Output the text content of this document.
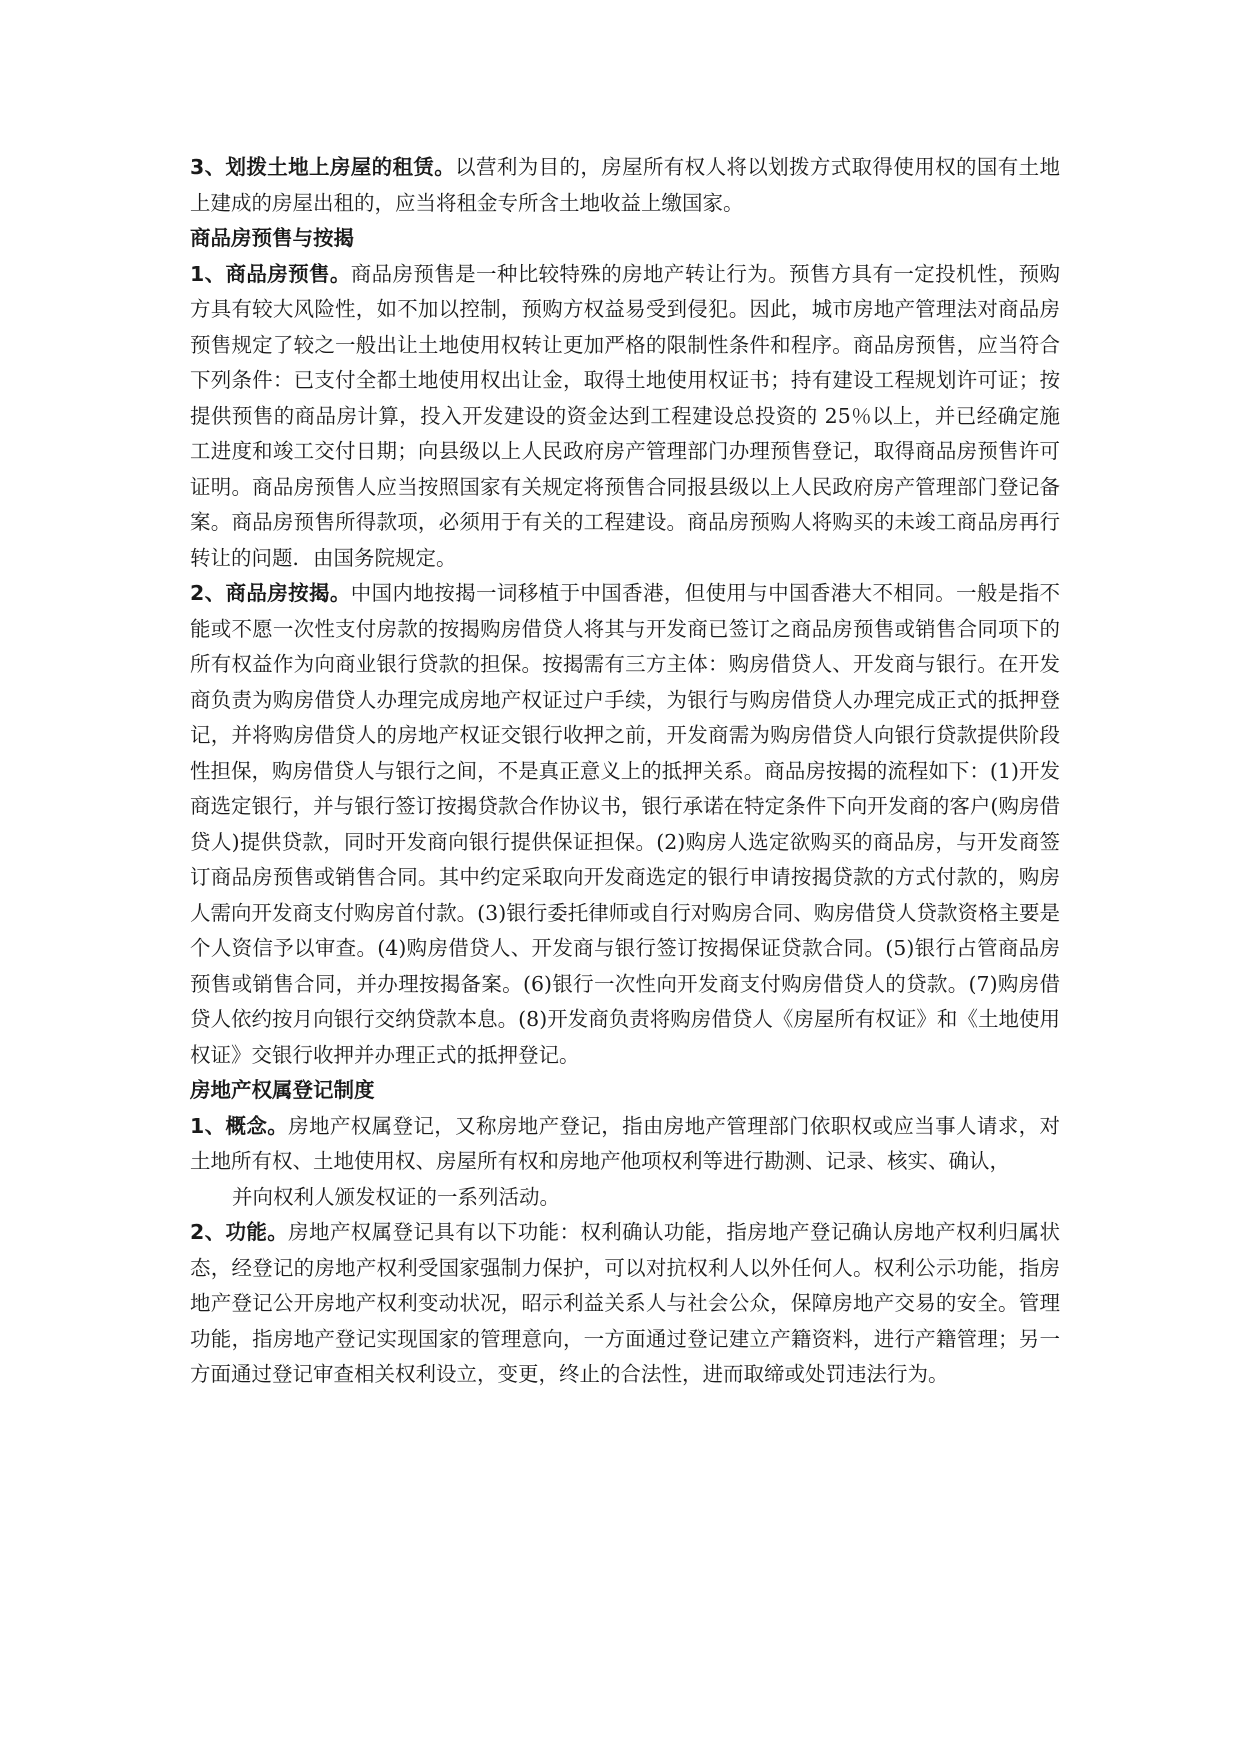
3、划拨土地上房屋的租赁。以营利为目的，房屋所有权人将以划拨方式取得使用权的国有土地上建成的房屋出租的，应当将租金专所含土地收益上缴国家。

商品房预售与按揭

1、商品房预售。商品房预售是一种比较特殊的房地产转让行为。预售方具有一定投机性，预购方具有较大风险性，如不加以控制，预购方权益易受到侵犯。因此，城市房地产管理法对商品房预售规定了较之一般出让土地使用权转让更加严格的限制性条件和程序。商品房预售，应当符合下列条件：已支付全都土地使用权出让金，取得土地使用权证书；持有建设工程规划许可证；按提供预售的商品房计算，投入开发建设的资金达到工程建设总投资的 25％以上，并已经确定施工进度和竣工交付日期；向县级以上人民政府房产管理部门办理预售登记，取得商品房预售许可证明。商品房预售人应当按照国家有关规定将预售合同报县级以上人民政府房产管理部门登记备案。商品房预售所得款项，必须用于有关的工程建设。商品房预购人将购买的未竣工商品房再行转让的问题．由国务院规定。

2、商品房按揭。中国内地按揭一词移植于中国香港，但使用与中国香港大不相同。一般是指不能或不愿一次性支付房款的按揭购房借贷人将其与开发商已签订之商品房预售或销售合同项下的所有权益作为向商业银行贷款的担保。按揭需有三方主体：购房借贷人、开发商与银行。在开发商负责为购房借贷人办理完成房地产权证过户手续，为银行与购房借贷人办理完成正式的抵押登记，并将购房借贷人的房地产权证交银行收押之前，开发商需为购房借贷人向银行贷款提供阶段性担保，购房借贷人与银行之间，不是真正意义上的抵押关系。商品房按揭的流程如下：(1)开发商选定银行，并与银行签订按揭贷款合作协议书，银行承诺在特定条件下向开发商的客户(购房借贷人)提供贷款，同时开发商向银行提供保证担保。(2)购房人选定欲购买的商品房，与开发商签订商品房预售或销售合同。其中约定采取向开发商选定的银行申请按揭贷款的方式付款的，购房人需向开发商支付购房首付款。(3)银行委托律师或自行对购房合同、购房借贷人贷款资格主要是个人资信予以审查。(4)购房借贷人、开发商与银行签订按揭保证贷款合同。(5)银行占管商品房预售或销售合同，并办理按揭备案。(6)银行一次性向开发商支付购房借贷人的贷款。(7)购房借贷人依约按月向银行交纳贷款本息。(8)开发商负责将购房借贷人《房屋所有权证》和《土地使用权证》交银行收押并办理正式的抵押登记。

房地产权属登记制度

1、概念。房地产权属登记，又称房地产登记，指由房地产管理部门依职权或应当事人请求，对土地所有权、土地使用权、房屋所有权和房地产他项权利等进行勘测、记录、核实、确认，

并向权利人颁发权证的一系列活动。

2、功能。房地产权属登记具有以下功能：权利确认功能，指房地产登记确认房地产权利归属状态，经登记的房地产权利受国家强制力保护，可以对抗权利人以外任何人。权利公示功能，指房地产登记公开房地产权利变动状况，昭示利益关系人与社会公众，保障房地产交易的安全。管理功能，指房地产登记实现国家的管理意向，一方面通过登记建立产籍资料，进行产籍管理；另一方面通过登记审查相关权利设立，变更，终止的合法性，进而取缔或处罚违法行为。
